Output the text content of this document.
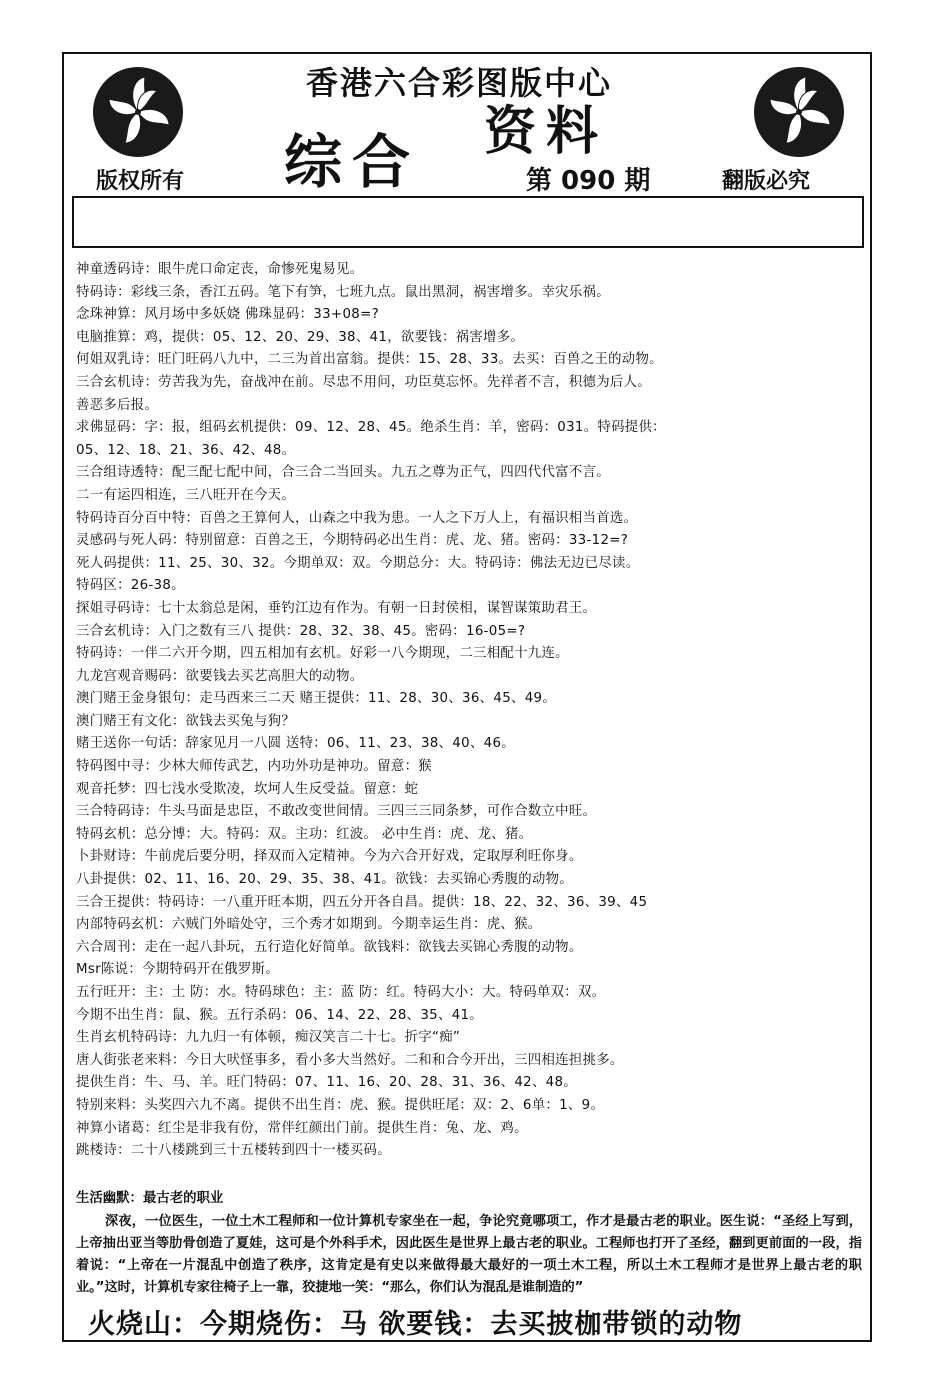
香港六合彩图版中心
综合 资料
第 090 期
版权所有	翻版必究
神童透码诗：眼牛虎口命定丧，命惨死鬼易见。
特码诗：彩线三条，香江五码。笔下有笋，七班九点。鼠出黑洞，祸害增多。幸灾乐祸。
念珠神算：风月场中多妖娆 佛珠显码：33+08=?
电脑推算：鸡，提供：05、12、20、29、38、41，欲要钱：祸害增多。
何姐双乳诗：旺门旺码八九中，二三为首出富翁。提供：15、28、33。去买：百兽之王的动物。
三合玄机诗：劳苦我为先，奋战冲在前。尽忠不用问，功臣莫忘怀。先祥者不言，积德为后人。
善恶多后报。
求佛显码：字：报，组码玄机提供：09、12、28、45。绝杀生肖：羊，密码：031。特码提供：
05、12、18、21、36、42、48。
三合组诗透特：配三配七配中间，合三合二当回头。九五之尊为正气，四四代代富不言。
二一有运四相连，三八旺开在今天。
特码诗百分百中特：百兽之王算何人，山森之中我为患。一人之下万人上，有福识相当首选。
灵感码与死人码：特别留意：百兽之王，今期特码必出生肖：虎、龙、猪。密码：33-12=?
死人码提供：11、25、30、32。今期单双：双。今期总分：大。特码诗：佛法无边已尽读。
特码区：26-38。
探姐寻码诗：七十太翁总是闲，垂钓江边有作为。有朝一日封侯相，谋智谋策助君王。
三合玄机诗：入门之数有三八 提供：28、32、38、45。密码：16-05=?
特码诗：一伴二六开今期，四五相加有玄机。好彩一八今期现，二三相配十九连。
九龙宫观音赐码：欲要钱去买艺高胆大的动物。
澳门赌王金身银句：走马西来三二天 赌王提供：11、28、30、36、45、49。
澳门赌王有文化：欲钱去买兔与狗？
赌王送你一句话：辞家见月一八圆 送特：06、11、23、38、40、46。
特码图中寻：少林大师传武艺，内功外功是神功。留意：猴
观音托梦：四七浅水受欺凌，坎坷人生反受益。留意：蛇
三合特码诗：牛头马面是忠臣，不敢改变世间情。三四三三同条梦，可作合数立中旺。
特码玄机：总分博：大。特码：双。主功：红波。 必中生肖：虎、龙、猪。
卜卦财诗：牛前虎后要分明，择双而入定精神。今为六合开好戏，定取厚利旺你身。
八卦提供：02、11、16、20、29、35、38、41。欲钱：去买锦心秀腹的动物。
三合王提供：特码诗：一八重开旺本期，四五分开各自昌。提供：18、22、32、36、39、45
内部特码玄机：六贼门外暗处守，三个秀才如期到。今期幸运生肖：虎、猴。
六合周刊：走在一起八卦玩，五行造化好简单。欲钱料：欲钱去买锦心秀腹的动物。
Msr陈说：今期特码开在俄罗斯。
五行旺开：主：土 防：水。特码球色：主：蓝 防：红。特码大小：大。特码单双：双。
今期不出生肖：鼠、猴。五行杀码：06、14、22、28、35、41。
生肖玄机特码诗：九九归一有体顿，痴汉笑言二十七。折字“痴”
唐人街张老来料：今日大吠怪事多，看小多大当然好。二和和合今开出，三四相连担挑多。
提供生肖：牛、马、羊。旺门特码：07、11、16、20、28、31、36、42、48。
特别来料：头奖四六九不离。提供不出生肖：虎、猴。提供旺尾：双：2、6单：1、9。
神算小诸葛：红尘是非我有份，常伴红颜出门前。提供生肖：兔、龙、鸡。
跳楼诗：二十八楼跳到三十五楼转到四十一楼买码。
生活幽默：最古老的职业
深夜，一位医生，一位土木工程师和一位计算机专家坐在一起，争论究竟哪项工，作才是最古老的职业。医生说：“圣经上写到，上帝抽出亚当等肋骨创造了夏娃，这可是个外科手术，因此医生是世界上最古老的职业。工程师也打开了圣经，翻到更前面的一段，指着说：“上帝在一片混乱中创造了秩序，这肯定是有史以来做得最大最好的一项土木工程，所以土木工程师才是世界上最古老的职业。”这时，计算机专家往椅子上一靠，狡捷地一笑：“那么，你们认为混乱是谁制造的”
火烧山：今期烧伤：马 欲要钱：去买披枷带锁的动物
